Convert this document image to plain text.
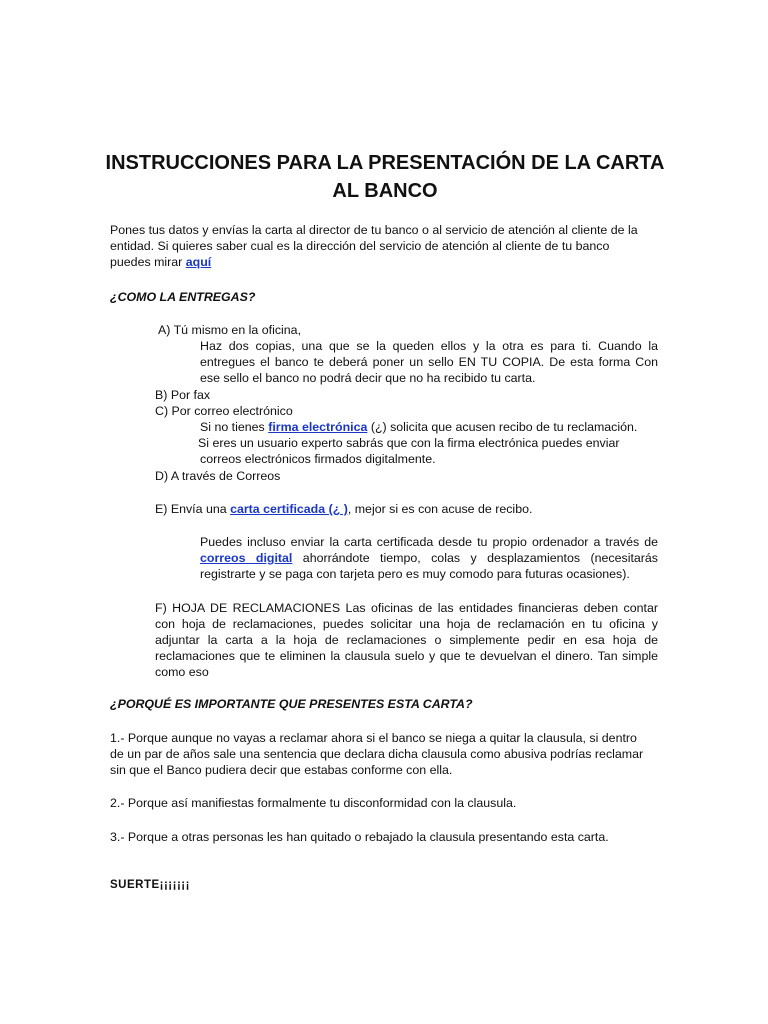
INSTRUCCIONES PARA LA PRESENTACIÓN DE LA CARTA
AL BANCO
Pones tus datos y envías la carta al director de tu banco o al servicio de atención al cliente de la entidad. Si quieres saber cual es la dirección del servicio de atención al cliente de tu banco puedes mirar aquí
¿COMO LA ENTREGAS?
A) Tú mismo en la oficina,
Haz dos copias, una que se la queden ellos y la otra es para ti. Cuando la entregues el banco te deberá poner un sello EN TU COPIA. De esta forma Con ese sello el banco no podrá decir que no ha recibido tu carta.
B) Por fax
C) Por correo electrónico
Si no tienes firma electrónica (¿) solicita que acusen recibo de tu reclamación.
Si eres un usuario experto sabrás que con la firma electrónica puedes enviar
correos electrónicos firmados digitalmente.
D) A través de Correos
E) Envía una carta certificada (¿ ), mejor si es con acuse de recibo.
Puedes incluso enviar la carta certificada desde tu propio ordenador a través de correos digital ahorrándote tiempo, colas y desplazamientos (necesitarás registrarte y se paga con tarjeta pero es muy comodo para futuras ocasiones).
F) HOJA DE RECLAMACIONES Las oficinas de las entidades financieras deben contar con hoja de reclamaciones, puedes solicitar una hoja de reclamación en tu oficina y adjuntar la carta a la hoja de reclamaciones o simplemente pedir en esa hoja de reclamaciones que te eliminen la clausula suelo y que te devuelvan el dinero. Tan simple como eso
¿PORQUÉ ES IMPORTANTE QUE PRESENTES ESTA CARTA?
1.- Porque aunque no vayas a reclamar ahora si el banco se niega a quitar la clausula, si dentro de un par de años sale una sentencia que declara dicha clausula como abusiva podrías reclamar sin que el Banco pudiera decir que estabas conforme con ella.
2.- Porque así manifiestas formalmente tu disconformidad con la clausula.
3.- Porque a otras personas les han quitado o rebajado la clausula presentando esta carta.
SUERTE¡¡¡¡¡¡¡
